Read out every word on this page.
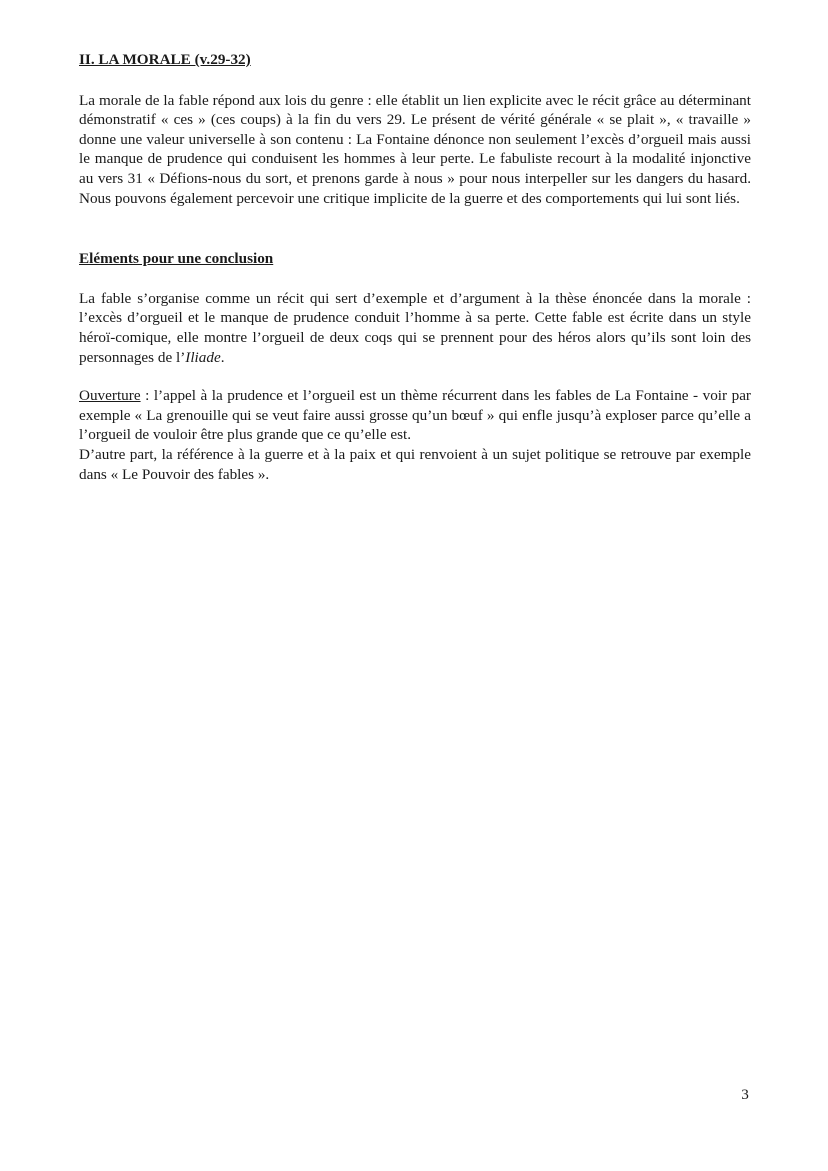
II. LA MORALE (v.29-32)

La morale de la fable répond aux lois du genre : elle établit un lien explicite avec le récit grâce au déterminant démonstratif « ces » (ces coups) à la fin du vers 29. Le présent de vérité générale « se plait », « travaille » donne une valeur universelle à son contenu : La Fontaine dénonce non seulement l’excès d’orgueil mais aussi le manque de prudence qui conduisent les hommes à leur perte. Le fabuliste recourt à la modalité injonctive au vers 31 « Défions-nous du sort, et prenons garde à nous » pour nous interpeller sur les dangers du hasard. Nous pouvons également percevoir une critique implicite de la guerre et des comportements qui lui sont liés.

Eléments pour une conclusion

La fable s’organise comme un récit qui sert d’exemple et d’argument à la thèse énoncée dans la morale : l’excès d’orgueil et le manque de prudence conduit l’homme à sa perte. Cette fable est écrite dans un style héroï-comique, elle montre l’orgueil de deux coqs qui se prennent pour des héros alors qu’ils sont loin des personnages de l’Iliade.

Ouverture : l’appel à la prudence et l’orgueil est un thème récurrent dans les fables de La Fontaine - voir par exemple « La grenouille qui se veut faire aussi grosse qu’un bœuf » qui enfle jusqu’à exploser parce qu’elle a l’orgueil de vouloir être plus grande que ce qu’elle est.

D’autre part, la référence à la guerre et à la paix et qui renvoient à un sujet politique se retrouve par exemple dans « Le Pouvoir des fables ».

3
